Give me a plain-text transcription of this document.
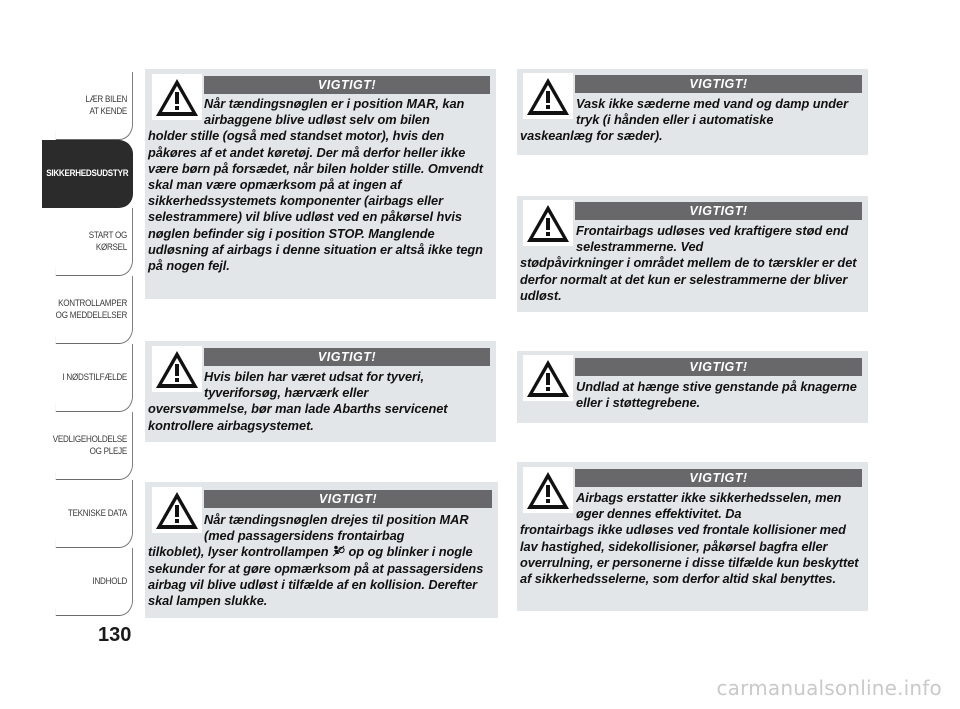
LÆR BILEN
AT KENDE
SIKKERHEDSUDSTYR
START OG KØRSEL
KONTROLLAMPER
OG MEDDELELSER
I NØDSTILFÆLDE
VEDLIGEHOLDELSE
OG PLEJE
TEKNISKE DATA
INDHOLD
130
VIGTIGT!
Når tændingsnøglen er i position MAR, kan airbaggene blive udløst selv om bilen
holder stille (også med standset motor), hvis den påkøres af et andet køretøj. Der må derfor heller ikke være børn på forsædet, når bilen holder stille. Omvendt skal man være opmærksom på at ingen af sikkerhedssystemets komponenter (airbags eller selestrammere) vil blive udløst ved en påkørsel hvis nøglen befinder sig i position STOP. Manglende udløsning af airbags i denne situation er altså ikke tegn på nogen fejl.
VIGTIGT!
Hvis bilen har været udsat for tyveri, tyveriforsøg, hærværk eller
oversvømmelse, bør man lade Abarths servicenet kontrollere airbagsystemet.
VIGTIGT!
Når tændingsnøglen drejes til position MAR (med passagersidens frontairbag
tilkoblet), lyser kontrollampen op og blinker i nogle sekunder for at gøre opmærksom på at passagersidens airbag vil blive udløst i tilfælde af en kollision. Derefter skal lampen slukke.
VIGTIGT!
Vask ikke sæderne med vand og damp under tryk (i hånden eller i automatiske
vaskeanlæg for sæder).
VIGTIGT!
Frontairbags udløses ved kraftigere stød end selestrammerne. Ved
stødpåvirkninger i området mellem de to tærskler er det derfor normalt at det kun er selestrammerne der bliver udløst.
VIGTIGT!
Undlad at hænge stive genstande på knagerne eller i støttegrebene.
VIGTIGT!
Airbags erstatter ikke sikkerhedsselen, men øger dennes effektivitet. Da
frontairbags ikke udløses ved frontale kollisioner med lav hastighed, sidekollisioner, påkørsel bagfra eller overrulning, er personerne i disse tilfælde kun beskyttet af sikkerhedsselerne, som derfor altid skal benyttes.
carmanualsonline.info
